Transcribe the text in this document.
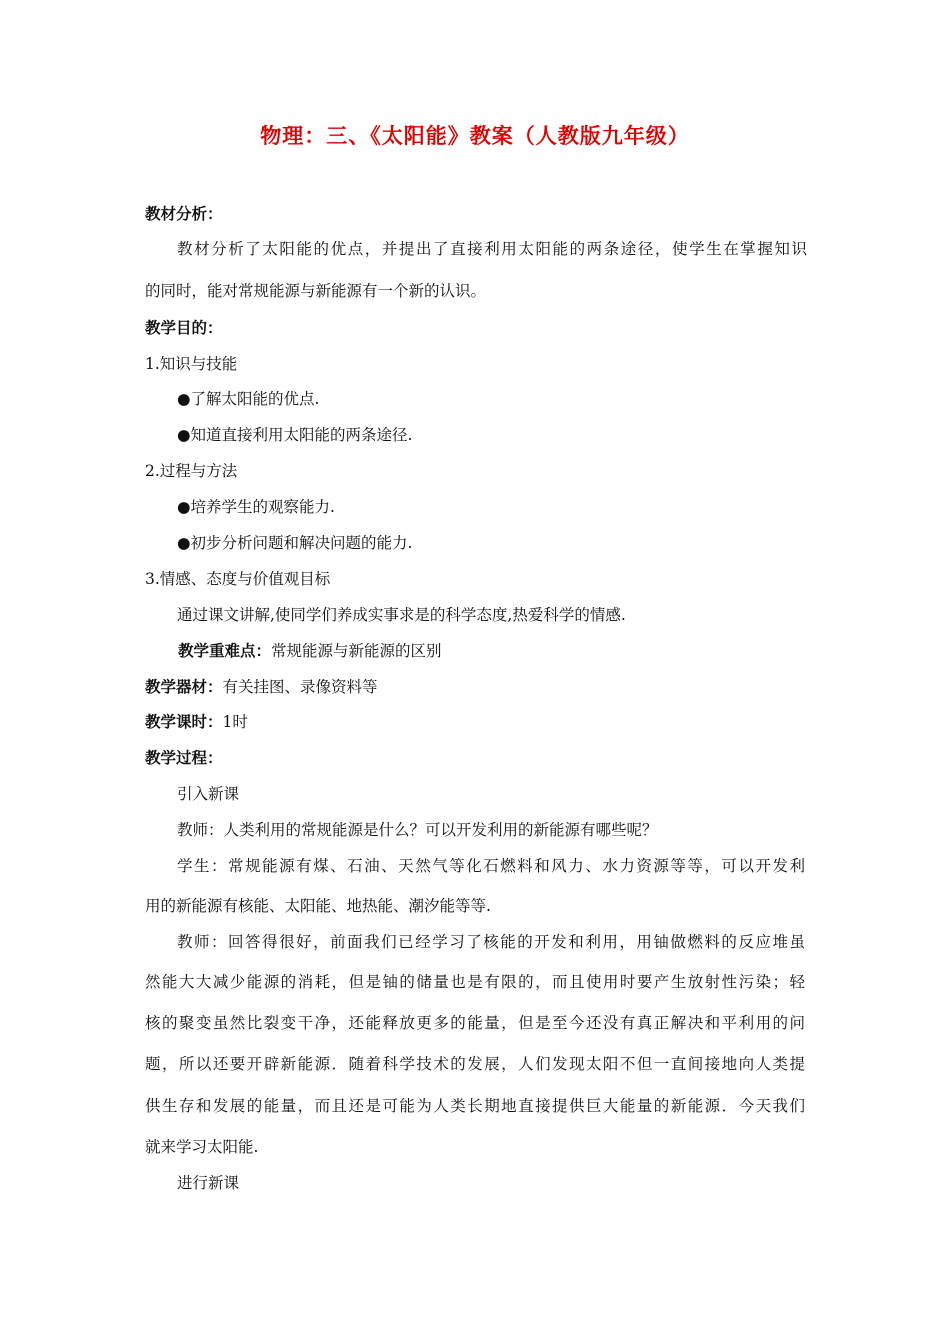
物理：三、《太阳能》教案（人教版九年级）
教材分析：
教材分析了太阳能的优点，并提出了直接利用太阳能的两条途径，使学生在掌握知识
的同时，能对常规能源与新能源有一个新的认识。
教学目的：
1.知识与技能
●了解太阳能的优点.
●知道直接利用太阳能的两条途径.
2.过程与方法
●培养学生的观察能力.
●初步分析问题和解决问题的能力.
3.情感、态度与价值观目标
通过课文讲解,使同学们养成实事求是的科学态度,热爱科学的情感.
教学重难点：常规能源与新能源的区别
教学器材：有关挂图、录像资料等
教学课时：1时
教学过程：
引入新课
教师：人类利用的常规能源是什么？可以开发利用的新能源有哪些呢？
学生：常规能源有煤、石油、天然气等化石燃料和风力、水力资源等等，可以开发利
用的新能源有核能、太阳能、地热能、潮汐能等等.
教师：回答得很好，前面我们已经学习了核能的开发和利用，用铀做燃料的反应堆虽
然能大大减少能源的消耗，但是铀的储量也是有限的，而且使用时要产生放射性污染；轻
核的聚变虽然比裂变干净，还能释放更多的能量，但是至今还没有真正解决和平利用的问
题，所以还要开辟新能源．随着科学技术的发展，人们发现太阳不但一直间接地向人类提
供生存和发展的能量，而且还是可能为人类长期地直接提供巨大能量的新能源．今天我们
就来学习太阳能.
进行新课
